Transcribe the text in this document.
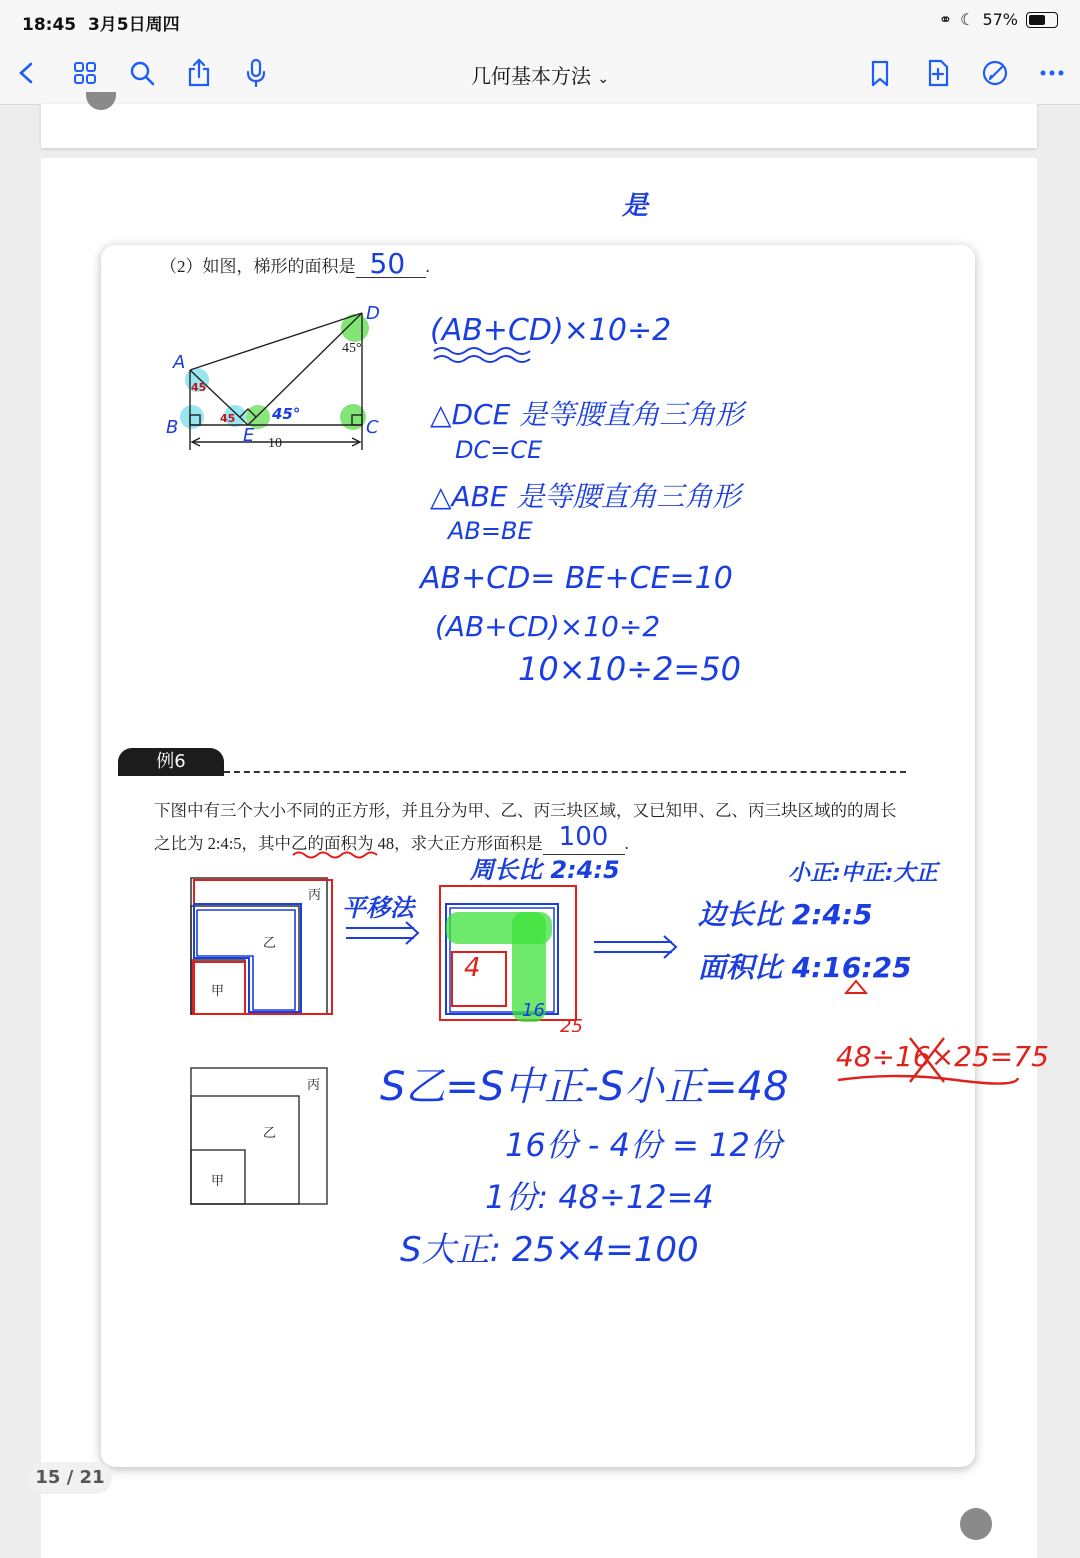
18:45 3月5日周四	⚭ ☾ 57%
几何基本方法 ⌄
是
（2）如图，梯形的面积是 50 .
45°
10
A
B	C
D
E
45°
45
45
(AB+CD)×10÷2
△DCE 是等腰直角三角形
DC=CE
△ABE 是等腰直角三角形
AB=BE
AB+CD= BE+CE=10
(AB+CD)×10÷2
10×10÷2=50
例6
下图中有三个大小不同的正方形，并且分为甲、乙、丙三块区域，又已知甲、乙、丙三块区域的的周长
之比为 2:4:5，其中乙的面积为 48
，求大正方形面积是 100 .
丙
乙
甲
平移法
周长比 2:4:5
4
16
25
小正:中正:大正
边长比 2:4:5
面积比 4:16:25
48÷16×25=75
丙
乙
甲
S乙=S中正-S小正=48
16份 - 4份 = 12份
1份: 48÷12=4
S大正: 25×4=100
15 / 21
